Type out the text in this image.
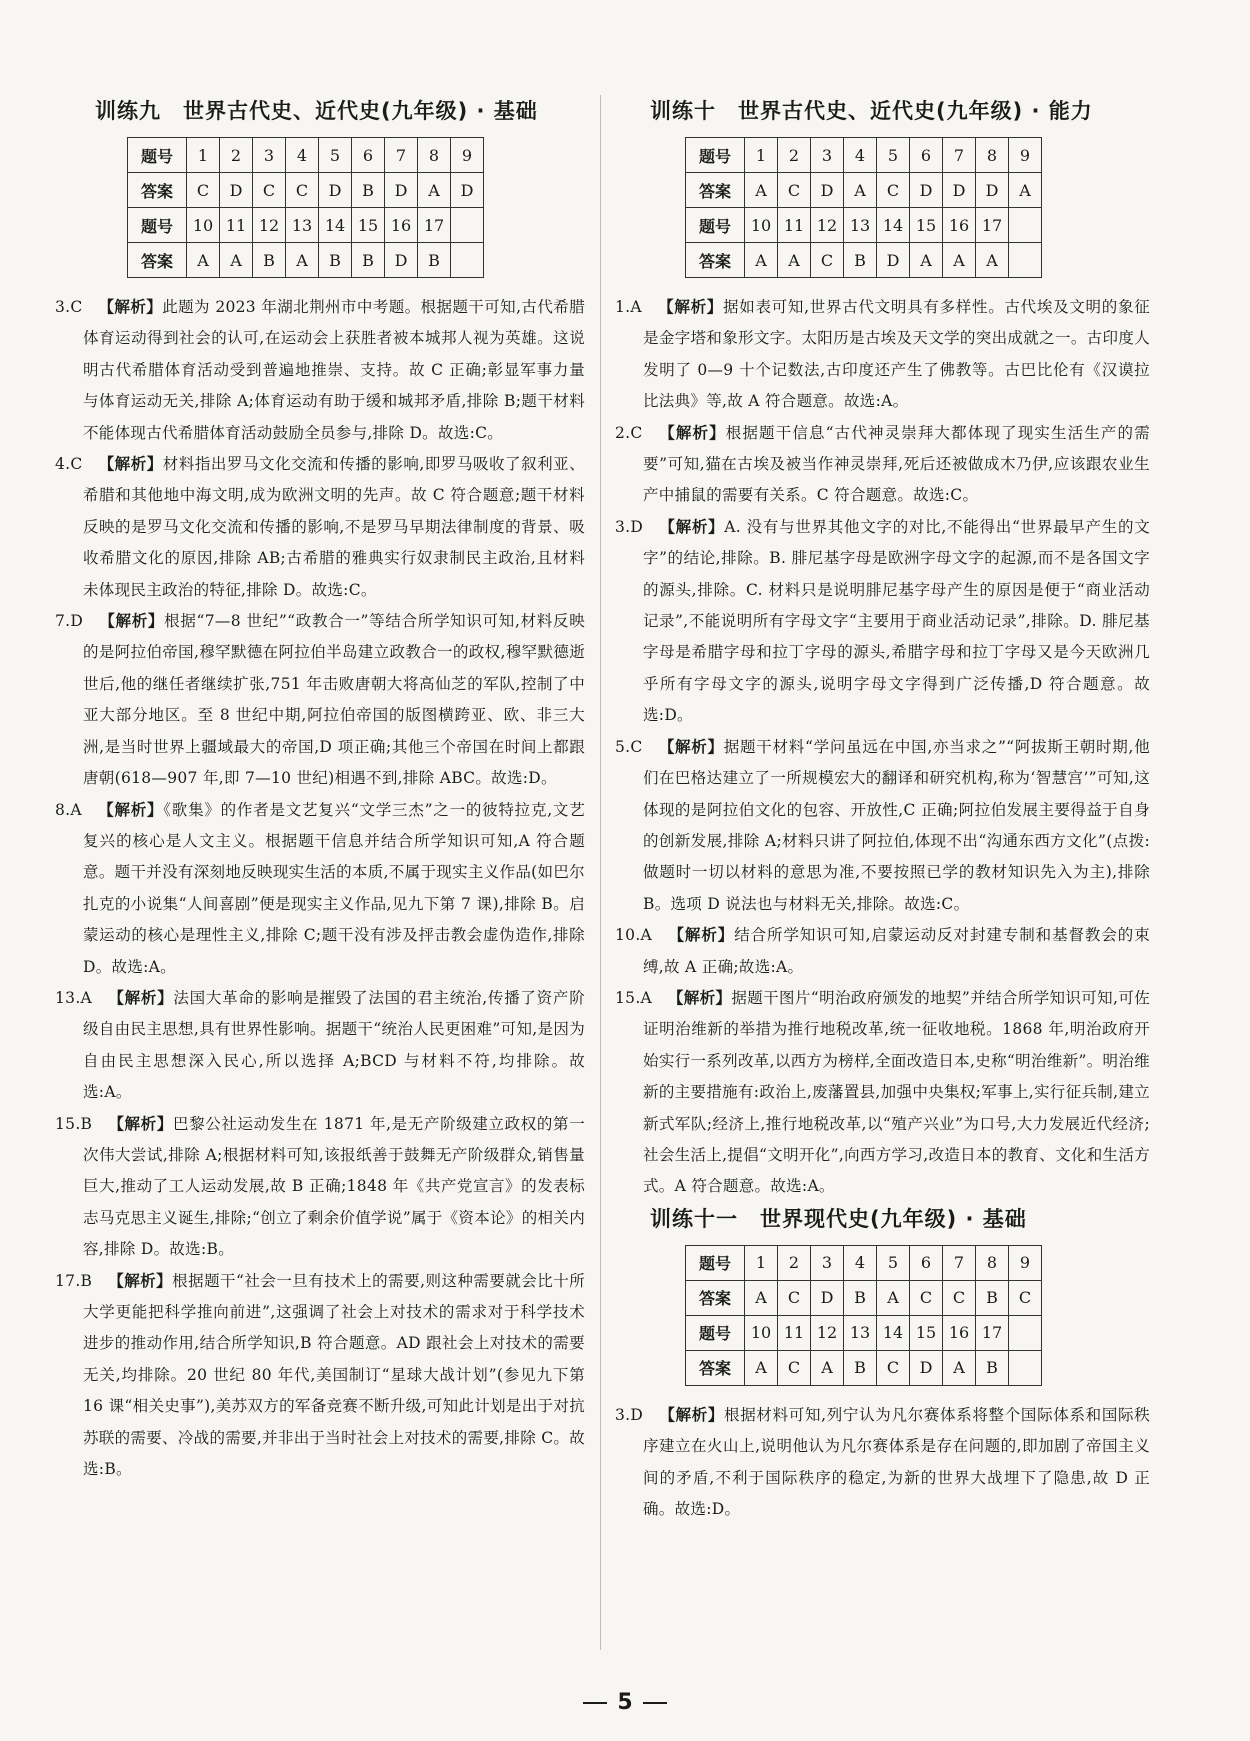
训练九　世界古代史、近代史(九年级) · 基础
题号	1	2	3	4	5	6	7	8	9
答案	C	D	C	C	D	B	D	A	D
题号	10	11	12	13	14	15	16	17	
答案	A	A	B	A	B	B	D	B	
3.C  【解析】此题为 2023 年湖北荆州市中考题。根据题干可知,古代希腊体育运动得到社会的认可,在运动会上获胜者被本城邦人视为英雄。这说明古代希腊体育活动受到普遍地推崇、支持。故 C 正确;彰显军事力量与体育运动无关,排除 A;体育运动有助于缓和城邦矛盾,排除 B;题干材料不能体现古代希腊体育活动鼓励全员参与,排除 D。故选:C。
4.C  【解析】材料指出罗马文化交流和传播的影响,即罗马吸收了叙利亚、希腊和其他地中海文明,成为欧洲文明的先声。故 C 符合题意;题干材料反映的是罗马文化交流和传播的影响,不是罗马早期法律制度的背景、吸收希腊文化的原因,排除 AB;古希腊的雅典实行奴隶制民主政治,且材料未体现民主政治的特征,排除 D。故选:C。
7.D  【解析】根据“7—8 世纪”“政教合一”等结合所学知识可知,材料反映的是阿拉伯帝国,穆罕默德在阿拉伯半岛建立政教合一的政权,穆罕默德逝世后,他的继任者继续扩张,751 年击败唐朝大将高仙芝的军队,控制了中亚大部分地区。至 8 世纪中期,阿拉伯帝国的版图横跨亚、欧、非三大洲,是当时世界上疆域最大的帝国,D 项正确;其他三个帝国在时间上都跟唐朝(618—907 年,即 7—10 世纪)相遇不到,排除 ABC。故选:D。
8.A  【解析】《歌集》的作者是文艺复兴“文学三杰”之一的彼特拉克,文艺复兴的核心是人文主义。根据题干信息并结合所学知识可知,A 符合题意。题干并没有深刻地反映现实生活的本质,不属于现实主义作品(如巴尔扎克的小说集“人间喜剧”便是现实主义作品,见九下第 7 课),排除 B。启蒙运动的核心是理性主义,排除 C;题干没有涉及抨击教会虚伪造作,排除 D。故选:A。
13.A  【解析】法国大革命的影响是摧毁了法国的君主统治,传播了资产阶级自由民主思想,具有世界性影响。据题干“统治人民更困难”可知,是因为自由民主思想深入民心,所以选择 A;BCD 与材料不符,均排除。故选:A。
15.B  【解析】巴黎公社运动发生在 1871 年,是无产阶级建立政权的第一次伟大尝试,排除 A;根据材料可知,该报纸善于鼓舞无产阶级群众,销售量巨大,推动了工人运动发展,故 B 正确;1848 年《共产党宣言》的发表标志马克思主义诞生,排除;“创立了剩余价值学说”属于《资本论》的相关内容,排除 D。故选:B。
17.B  【解析】根据题干“社会一旦有技术上的需要,则这种需要就会比十所大学更能把科学推向前进”,这强调了社会上对技术的需求对于科学技术进步的推动作用,结合所学知识,B 符合题意。AD 跟社会上对技术的需要无关,均排除。20 世纪 80 年代,美国制订“星球大战计划”(参见九下第 16 课“相关史事”),美苏双方的军备竞赛不断升级,可知此计划是出于对抗苏联的需要、冷战的需要,并非出于当时社会上对技术的需要,排除 C。故选:B。
训练十　世界古代史、近代史(九年级) · 能力
题号	1	2	3	4	5	6	7	8	9
答案	A	C	D	A	C	D	D	D	A
题号	10	11	12	13	14	15	16	17	
答案	A	A	C	B	D	A	A	A	
1.A  【解析】据如表可知,世界古代文明具有多样性。古代埃及文明的象征是金字塔和象形文字。太阳历是古埃及天文学的突出成就之一。古印度人发明了 0—9 十个记数法,古印度还产生了佛教等。古巴比伦有《汉谟拉比法典》等,故 A 符合题意。故选:A。
2.C  【解析】根据题干信息“古代神灵崇拜大都体现了现实生活生产的需要”可知,猫在古埃及被当作神灵崇拜,死后还被做成木乃伊,应该跟农业生产中捕鼠的需要有关系。C 符合题意。故选:C。
3.D  【解析】A. 没有与世界其他文字的对比,不能得出“世界最早产生的文字”的结论,排除。B. 腓尼基字母是欧洲字母文字的起源,而不是各国文字的源头,排除。C. 材料只是说明腓尼基字母产生的原因是便于“商业活动记录”,不能说明所有字母文字“主要用于商业活动记录”,排除。D. 腓尼基字母是希腊字母和拉丁字母的源头,希腊字母和拉丁字母又是今天欧洲几乎所有字母文字的源头,说明字母文字得到广泛传播,D 符合题意。故选:D。
5.C  【解析】据题干材料“学问虽远在中国,亦当求之”“阿拔斯王朝时期,他们在巴格达建立了一所规模宏大的翻译和研究机构,称为‘智慧宫’”可知,这体现的是阿拉伯文化的包容、开放性,C 正确;阿拉伯发展主要得益于自身的创新发展,排除 A;材料只讲了阿拉伯,体现不出“沟通东西方文化”(点拨:做题时一切以材料的意思为准,不要按照已学的教材知识先入为主),排除 B。选项 D 说法也与材料无关,排除。故选:C。
10.A  【解析】结合所学知识可知,启蒙运动反对封建专制和基督教会的束缚,故 A 正确;故选:A。
15.A  【解析】据题干图片“明治政府颁发的地契”并结合所学知识可知,可佐证明治维新的举措为推行地税改革,统一征收地税。1868 年,明治政府开始实行一系列改革,以西方为榜样,全面改造日本,史称“明治维新”。明治维新的主要措施有:政治上,废藩置县,加强中央集权;军事上,实行征兵制,建立新式军队;经济上,推行地税改革,以“殖产兴业”为口号,大力发展近代经济;社会生活上,提倡“文明开化”,向西方学习,改造日本的教育、文化和生活方式。A 符合题意。故选:A。
训练十一　世界现代史(九年级) · 基础
题号	1	2	3	4	5	6	7	8	9
答案	A	C	D	B	A	C	C	B	C
题号	10	11	12	13	14	15	16	17	
答案	A	C	A	B	C	D	A	B	
3.D  【解析】根据材料可知,列宁认为凡尔赛体系将整个国际体系和国际秩序建立在火山上,说明他认为凡尔赛体系是存在问题的,即加剧了帝国主义间的矛盾,不利于国际秩序的稳定,为新的世界大战埋下了隐患,故 D 正确。故选:D。
5
